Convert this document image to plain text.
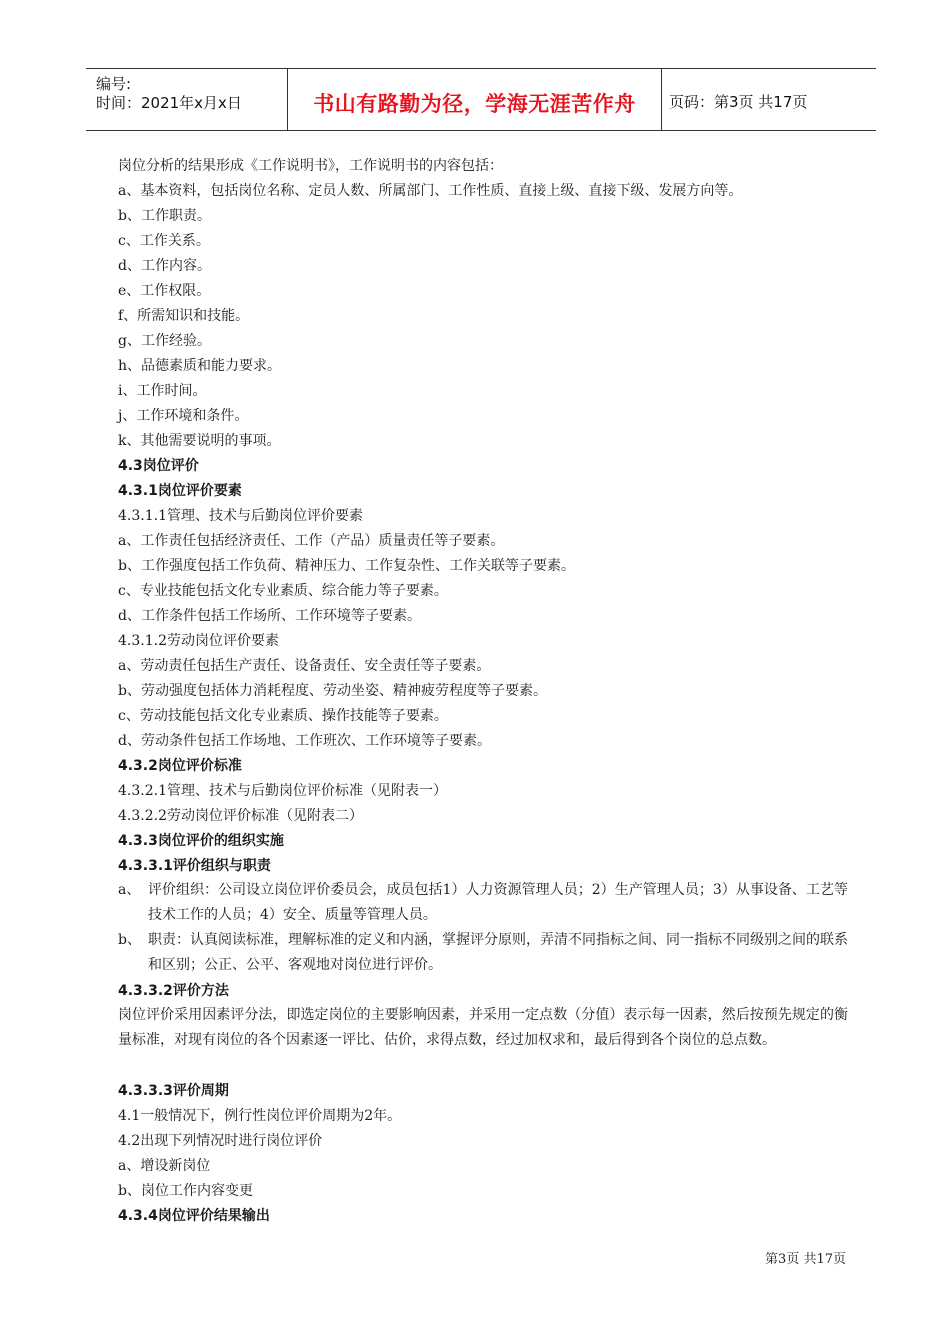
编号:
时间：2021年x月x日	书山有路勤为径，学海无涯苦作舟	页码：第3页 共17页
岗位分析的结果形成《工作说明书》，工作说明书的内容包括：
a、基本资料，包括岗位名称、定员人数、所属部门、工作性质、直接上级、直接下级、发展方向等。
b、工作职责。
c、工作关系。
d、工作内容。
e、工作权限。
f、所需知识和技能。
g、工作经验。
h、品德素质和能力要求。
i、工作时间。
j、工作环境和条件。
k、其他需要说明的事项。
4.3岗位评价
4.3.1岗位评价要素
4.3.1.1管理、技术与后勤岗位评价要素
a、工作责任包括经济责任、工作（产品）质量责任等子要素。
b、工作强度包括工作负荷、精神压力、工作复杂性、工作关联等子要素。
c、专业技能包括文化专业素质、综合能力等子要素。
d、工作条件包括工作场所、工作环境等子要素。
4.3.1.2劳动岗位评价要素
a、劳动责任包括生产责任、设备责任、安全责任等子要素。
b、劳动强度包括体力消耗程度、劳动坐姿、精神疲劳程度等子要素。
c、劳动技能包括文化专业素质、操作技能等子要素。
d、劳动条件包括工作场地、工作班次、工作环境等子要素。
4.3.2岗位评价标准
4.3.2.1管理、技术与后勤岗位评价标准（见附表一）
4.3.2.2劳动岗位评价标准（见附表二）
4.3.3岗位评价的组织实施
4.3.3.1评价组织与职责
a、 评价组织：公司设立岗位评价委员会，成员包括1）人力资源管理人员；2）生产管理人员；3）从事设备、工艺等技术工作的人员；4）安全、质量等管理人员。
b、 职责：认真阅读标准，理解标准的定义和内涵，掌握评分原则，弄清不同指标之间、同一指标不同级别之间的联系和区别；公正、公平、客观地对岗位进行评价。
4.3.3.2评价方法
岗位评价采用因素评分法，即选定岗位的主要影响因素，并采用一定点数（分值）表示每一因素，然后按预先规定的衡量标准，对现有岗位的各个因素逐一评比、估价，求得点数，经过加权求和，最后得到各个岗位的总点数。
4.3.3.3评价周期
4.1一般情况下，例行性岗位评价周期为2年。
4.2出现下列情况时进行岗位评价
a、增设新岗位
b、岗位工作内容变更
4.3.4岗位评价结果输出
第3页 共17页
